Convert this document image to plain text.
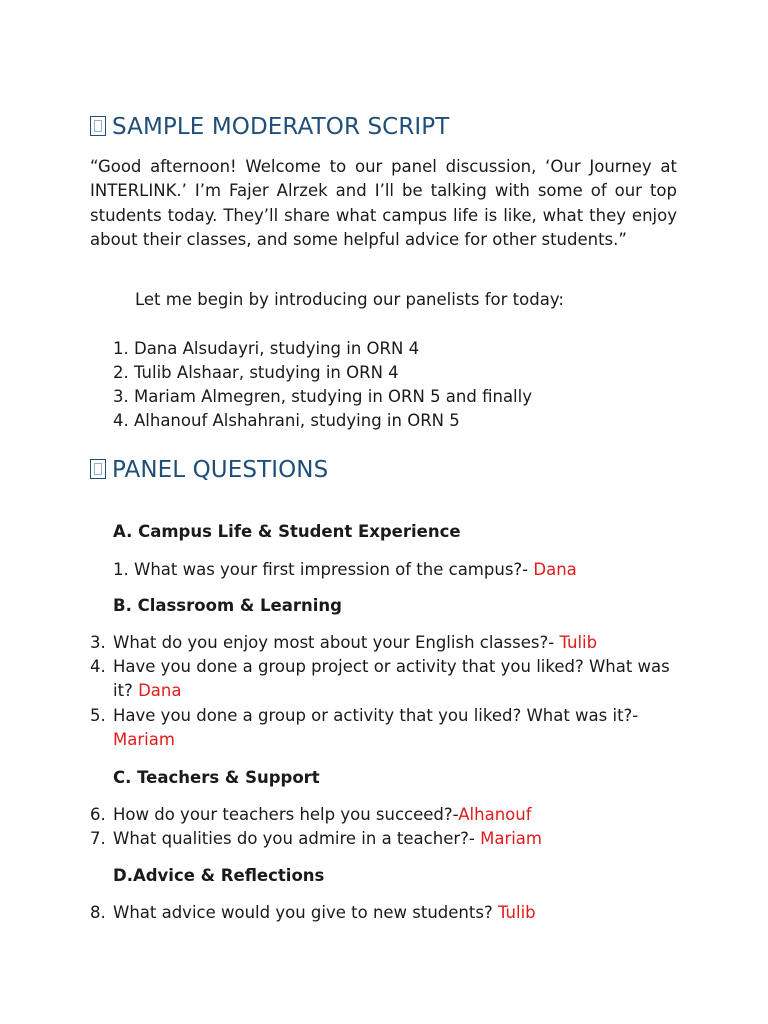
SAMPLE MODERATOR SCRIPT

“Good afternoon! Welcome to our panel discussion, ‘Our Journey at INTERLINK.’ I’m Fajer Alrzek and I’ll be talking with some of our top students today. They’ll share what campus life is like, what they enjoy about their classes, and some helpful advice for other students.”

Let me begin by introducing our panelists for today:

1. Dana Alsudayri, studying in ORN 4
2. Tulib Alshaar, studying in ORN 4
3. Mariam Almegren, studying in ORN 5 and finally
4. Alhanouf Alshahrani, studying in ORN 5
PANEL QUESTIONS
A. Campus Life & Student Experience
1. What was your first impression of the campus?- Dana
B. Classroom & Learning
3. What do you enjoy most about your English classes?- Tulib
4. Have you done a group project or activity that you liked? What was it? Dana
5. Have you done a group or activity that you liked? What was it?- Mariam
C. Teachers & Support
6. How do your teachers help you succeed?-Alhanouf
7. What qualities do you admire in a teacher?- Mariam
D.Advice & Reflections
8. What advice would you give to new students? Tulib
